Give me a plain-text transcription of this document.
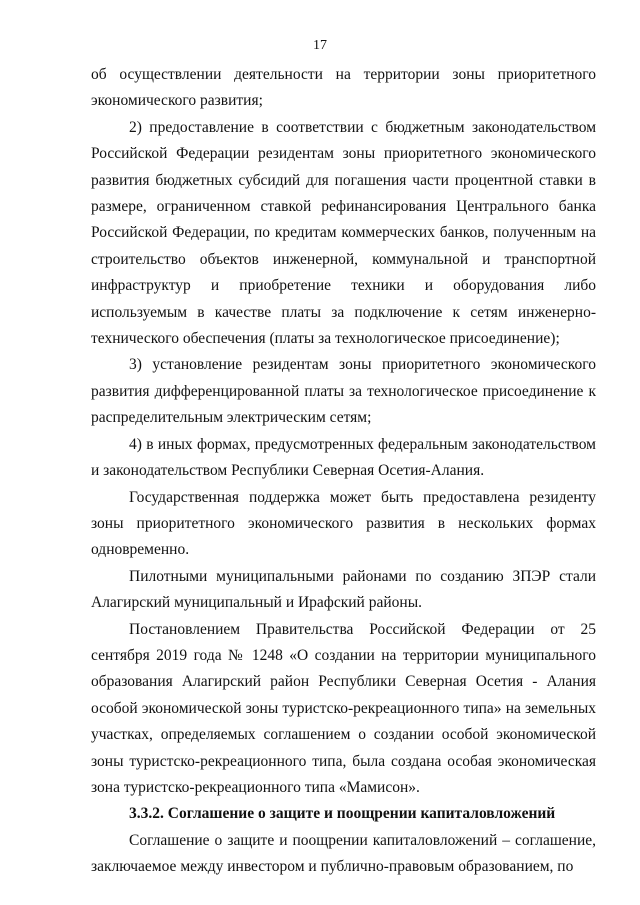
17

об осуществлении деятельности на территории зоны приоритетного экономического развития;

2) предоставление в соответствии с бюджетным законодательством Российской Федерации резидентам зоны приоритетного экономического развития бюджетных субсидий для погашения части процентной ставки в размере, ограниченном ставкой рефинансирования Центрального банка Российской Федерации, по кредитам коммерческих банков, полученным на строительство объектов инженерной, коммунальной и транспортной инфраструктур и приобретение техники и оборудования либо используемым в качестве платы за подключение к сетям инженерно-технического обеспечения (платы за технологическое присоединение);

3) установление резидентам зоны приоритетного экономического развития дифференцированной платы за технологическое присоединение к распределительным электрическим сетям;

4) в иных формах, предусмотренных федеральным законодательством и законодательством Республики Северная Осетия-Алания.

Государственная поддержка может быть предоставлена резиденту зоны приоритетного экономического развития в нескольких формах одновременно.

Пилотными муниципальными районами по созданию ЗПЭР стали Алагирский муниципальный и Ирафский районы.

Постановлением Правительства Российской Федерации от 25 сентября 2019 года № 1248 «О создании на территории муниципального образования Алагирский район Республики Северная Осетия - Алания особой экономической зоны туристско-рекреационного типа» на земельных участках, определяемых соглашением о создании особой экономической зоны туристско-рекреационного типа, была создана особая экономическая зона туристско-рекреационного типа «Мамисон».

3.3.2. Соглашение о защите и поощрении капиталовложений

Соглашение о защите и поощрении капиталовложений – соглашение, заключаемое между инвестором и публично-правовым образованием, по
